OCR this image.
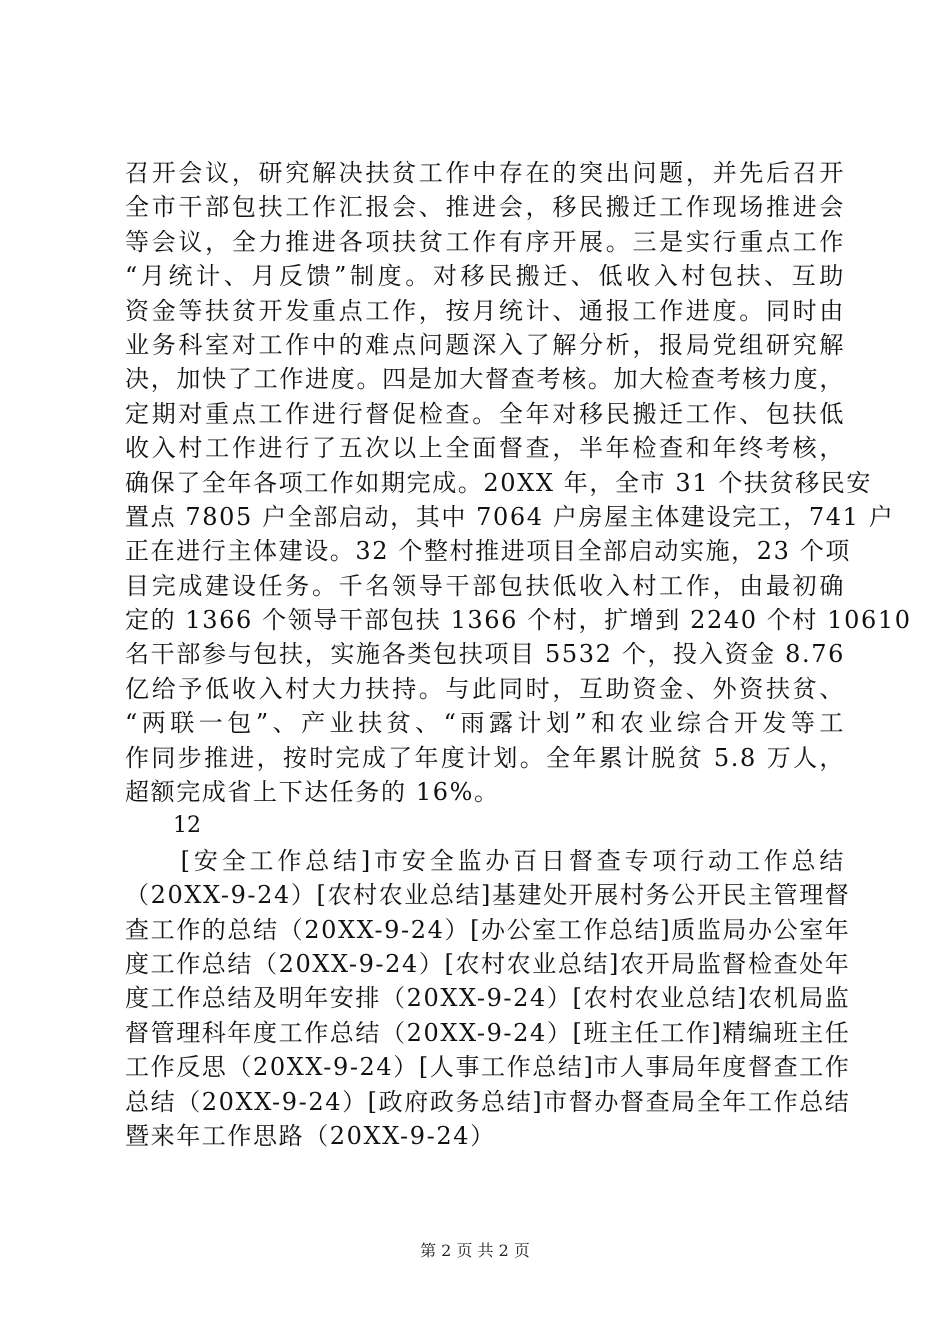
召开会议，研究解决扶贫工作中存在的突出问题，并先后召开
全市干部包扶工作汇报会、推进会，移民搬迁工作现场推进会
等会议，全力推进各项扶贫工作有序开展。三是实行重点工作
“月统计、月反馈”制度。对移民搬迁、低收入村包扶、互助
资金等扶贫开发重点工作，按月统计、通报工作进度。同时由
业务科室对工作中的难点问题深入了解分析，报局党组研究解
决，加快了工作进度。四是加大督查考核。加大检查考核力度，
定期对重点工作进行督促检查。全年对移民搬迁工作、包扶低
收入村工作进行了五次以上全面督查，半年检查和年终考核，
确保了全年各项工作如期完成。20XX 年，全市 31 个扶贫移民安
置点 7805 户全部启动，其中 7064 户房屋主体建设完工，741 户
正在进行主体建设。32 个整村推进项目全部启动实施，23 个项
目完成建设任务。千名领导干部包扶低收入村工作，由最初确
定的 1366 个领导干部包扶 1366 个村，扩增到 2240 个村 10610
名干部参与包扶，实施各类包扶项目 5532 个，投入资金 8.76
亿给予低收入村大力扶持。与此同时，互助资金、外资扶贫、
“两联一包”、产业扶贫、“雨露计划”和农业综合开发等工
作同步推进，按时完成了年度计划。全年累计脱贫 5.8 万人，
超额完成省上下达任务的 16%。
12
　　[安全工作总结]市安全监办百日督查专项行动工作总结
（20XX-9-24）[农村农业总结]基建处开展村务公开民主管理督
查工作的总结（20XX-9-24）[办公室工作总结]质监局办公室年
度工作总结（20XX-9-24）[农村农业总结]农开局监督检查处年
度工作总结及明年安排（20XX-9-24）[农村农业总结]农机局监
督管理科年度工作总结（20XX-9-24）[班主任工作]精编班主任
工作反思（20XX-9-24）[人事工作总结]市人事局年度督查工作
总结（20XX-9-24）[政府政务总结]市督办督查局全年工作总结
暨来年工作思路（20XX-9-24）
第 2 页 共 2 页
